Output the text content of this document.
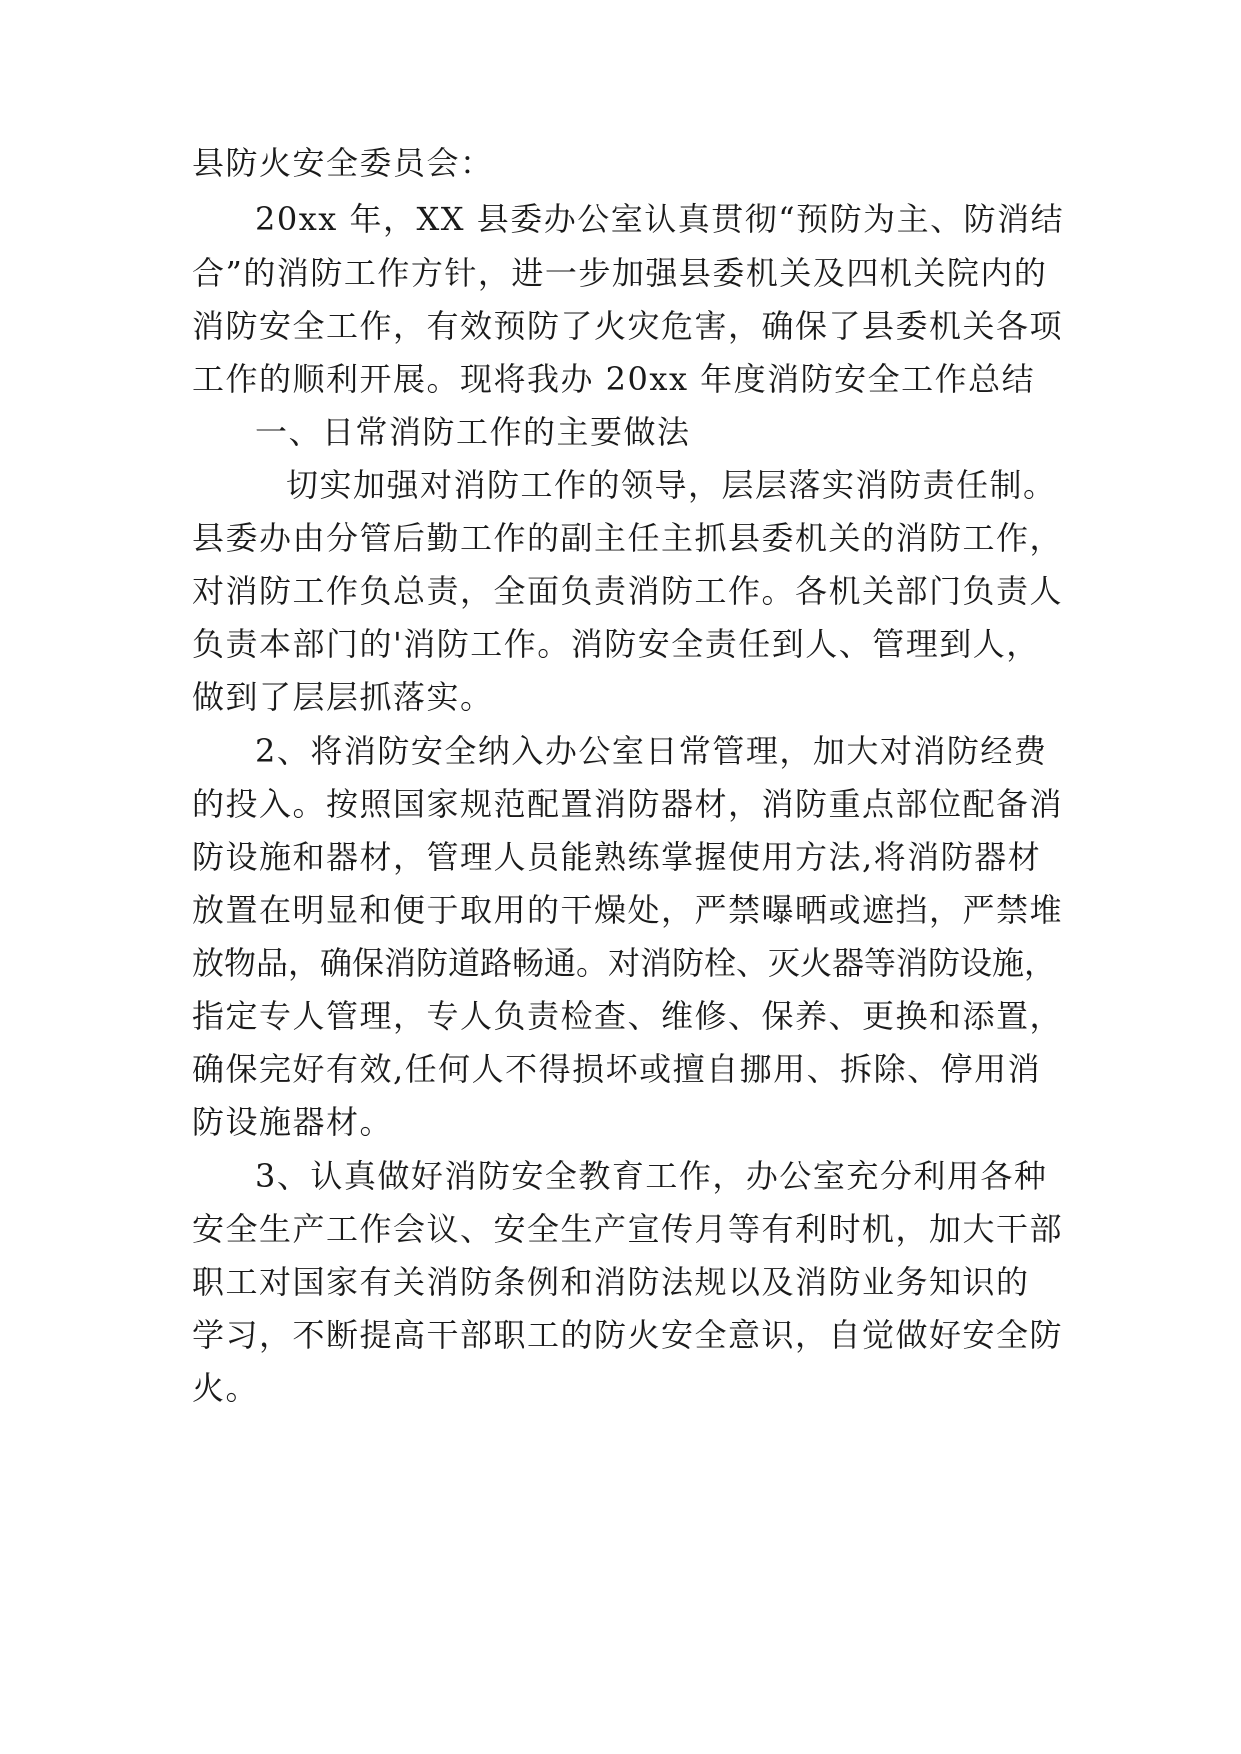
县防火安全委员会：
20xx 年，XX 县委办公室认真贯彻“预防为主、防消结
合”的消防工作方针，进一步加强县委机关及四机关院内的
消防安全工作，有效预防了火灾危害，确保了县委机关各项
工作的顺利开展。现将我办 20xx 年度消防安全工作总结
一、日常消防工作的主要做法
切实加强对消防工作的领导，层层落实消防责任制。
县委办由分管后勤工作的副主任主抓县委机关的消防工作，
对消防工作负总责，全面负责消防工作。各机关部门负责人
负责本部门的'消防工作。消防安全责任到人、管理到人，
做到了层层抓落实。
2、将消防安全纳入办公室日常管理，加大对消防经费
的投入。按照国家规范配置消防器材，消防重点部位配备消
防设施和器材，管理人员能熟练掌握使用方法,将消防器材
放置在明显和便于取用的干燥处，严禁曝晒或遮挡，严禁堆
放物品，确保消防道路畅通。对消防栓、灭火器等消防设施，
指定专人管理，专人负责检查、维修、保养、更换和添置，
确保完好有效,任何人不得损坏或擅自挪用、拆除、停用消
防设施器材。
3、认真做好消防安全教育工作，办公室充分利用各种
安全生产工作会议、安全生产宣传月等有利时机，加大干部
职工对国家有关消防条例和消防法规以及消防业务知识的
学习，不断提高干部职工的防火安全意识，自觉做好安全防
火。
